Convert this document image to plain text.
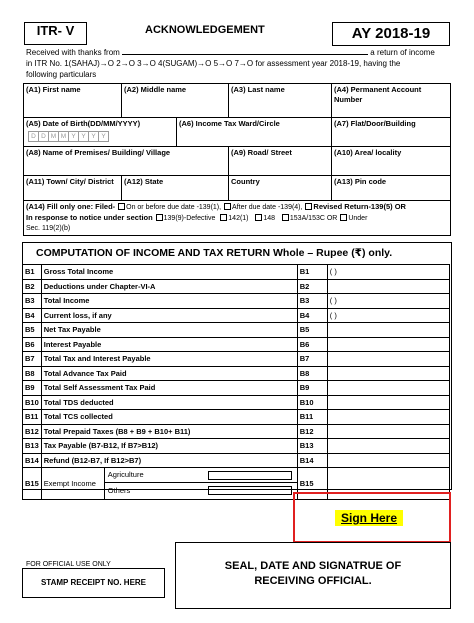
ITR- V	ACKNOWLEDGEMENT	AY 2018-19
Received with thanks from	a return of income
in ITR No. 1(SAHAJ)→O 2→O 3→O 4(SUGAM)→O 5→O 7→O for assessment year 2018-19, having the
following particulars
(A1) First name	(A2) Middle name	(A3) Last name	(A4) Permanent Account Number
(A5) Date of Birth(DD/MM/YYYY)
D D M M Y Y Y Y
(A6) Income Tax Ward/Circle	(A7) Flat/Door/Building
(A8) Name of Premises/ Building/ Village	(A9) Road/ Street	(A10) Area/ locality
(A11) Town/ City/ District	(A12) State	Country	(A13) Pin code
(A14) Fill only one: Filed- On or before due date -139(1), After due date -139(4), Revised Return-139(5) OR
In response to notice under section 139(9)-Defective 142(1) 148 153A/153C OR Under
Sec. 119(2)(b)
COMPUTATION OF INCOME AND TAX RETURN Whole – Rupee (₹) only.
B1	Gross Total Income	B1	( )
B2	Deductions under Chapter-VI-A	B2	
B3	Total Income	B3	( )
B4	Current loss, if any	B4	( )
B5	Net Tax Payable	B5	
B6	Interest Payable	B6	
B7	Total Tax and Interest Payable	B7	
B8	Total Advance Tax Paid	B8	
B9	Total Self Assessment Tax Paid	B9	
B10	Total TDS deducted	B10	
B11	Total TCS collected	B11	
B12	Total Prepaid Taxes (B8 + B9 + B10+ B11)	B12	
B13	Tax Payable (B7-B12, If B7>B12)	B13	
B14	Refund (B12-B7, If B12>B7)	B14	
B15	Exempt Income
Agriculture
Others	B15	
Sign Here
FOR OFFICIAL USE ONLY
STAMP RECEIPT NO. HERE
SEAL, DATE AND SIGNATRUE OF
RECEIVING OFFICIAL.
